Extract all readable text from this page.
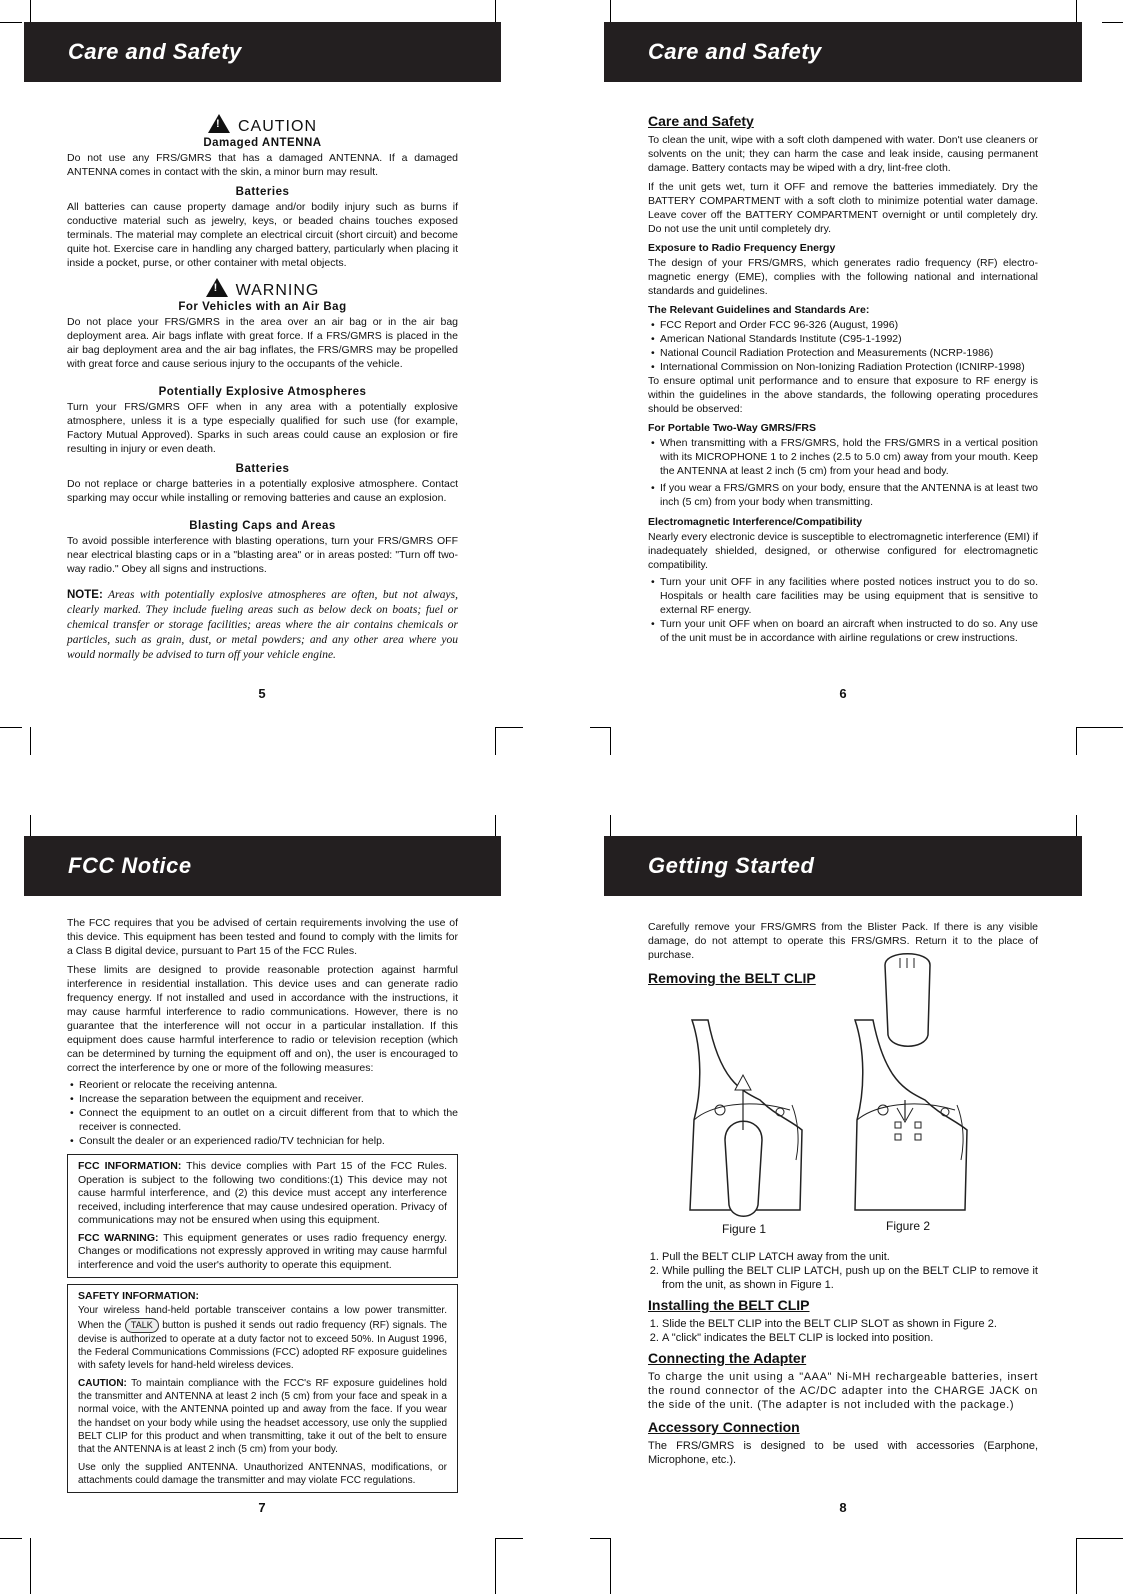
Care and Safety
! CAUTION
Damaged ANTENNA

Do not use any FRS/GMRS that has a damaged ANTENNA. If a damaged ANTENNA comes in contact with the skin, a minor burn may result.

Batteries

All batteries can cause property damage and/or bodily injury such as burns if conductive material such as jewelry, keys, or beaded chains touches exposed terminals. The material may complete an electrical circuit (short circuit) and become quite hot. Exercise care in handling any charged battery, particularly when placing it inside a pocket, purse, or other container with metal objects.

! WARNING
For Vehicles with an Air Bag

Do not place your FRS/GMRS in the area over an air bag or in the air bag deployment area. Air bags inflate with great force. If a FRS/GMRS is placed in the air bag deployment area and the air bag inflates, the FRS/GMRS may be propelled with great force and cause serious injury to the occupants of the vehicle.

Potentially Explosive Atmospheres

Turn your FRS/GMRS OFF when in any area with a potentially explosive atmosphere, unless it is a type especially qualified for such use (for example, Factory Mutual Approved). Sparks in such areas could cause an explosion or fire resulting in injury or even death.

Batteries

Do not replace or charge batteries in a potentially explosive atmosphere. Contact sparking may occur while installing or removing batteries and cause an explosion.

Blasting Caps and Areas

To avoid possible interference with blasting operations, turn your FRS/GMRS OFF near electrical blasting caps or in a "blasting area" or in areas posted: "Turn off two-way radio." Obey all signs and instructions.

NOTE: Areas with potentially explosive atmospheres are often, but not always, clearly marked. They include fueling areas such as below deck on boats; fuel or chemical transfer or storage facilities; areas where the air contains chemicals or particles, such as grain, dust, or metal powders; and any other area where you would normally be advised to turn off your vehicle engine.
5
Care and Safety
Care and Safety

To clean the unit, wipe with a soft cloth dampened with water. Don't use cleaners or solvents on the unit; they can harm the case and leak inside, causing permanent damage. Battery contacts may be wiped with a dry, lint-free cloth.

If the unit gets wet, turn it OFF and remove the batteries immediately. Dry the BATTERY COMPARTMENT with a soft cloth to minimize potential water damage. Leave cover off the BATTERY COMPARTMENT overnight or until completely dry. Do not use the unit until completely dry.

Exposure to Radio Frequency Energy

The design of your FRS/GMRS, which generates radio frequency (RF) electro-magnetic energy (EME), complies with the following national and international standards and guidelines.

The Relevant Guidelines and Standards Are:
• FCC Report and Order FCC 96-326 (August, 1996)
• American National Standards Institute (C95-1-1992)
• National Council Radiation Protection and Measurements (NCRP-1986)
• International Commission on Non-Ionizing Radiation Protection (ICNIRP-1998)

To ensure optimal unit performance and to ensure that exposure to RF energy is within the guidelines in the above standards, the following operating procedures should be observed:

For Portable Two-Way GMRS/FRS
• When transmitting with a FRS/GMRS, hold the FRS/GMRS in a vertical position with its MICROPHONE 1 to 2 inches (2.5 to 5.0 cm) away from your mouth. Keep the ANTENNA at least 2 inch (5 cm) from your head and body.
• If you wear a FRS/GMRS on your body, ensure that the ANTENNA is at least two inch (5 cm) from your body when transmitting.
Electromagnetic Interference/Compatibility

Nearly every electronic device is susceptible to electromagnetic interference (EMI) if inadequately shielded, designed, or otherwise configured for electromagnetic compatibility.

• Turn your unit OFF in any facilities where posted notices instruct you to do so. Hospitals or health care facilities may be using equipment that is sensitive to external RF energy.
• Turn your unit OFF when on board an aircraft when instructed to do so. Any use of the unit must be in accordance with airline regulations or crew instructions.
6
FCC Notice

The FCC requires that you be advised of certain requirements involving the use of this device. This equipment has been tested and found to comply with the limits for a Class B digital device, pursuant to Part 15 of the FCC Rules.

These limits are designed to provide reasonable protection against harmful interference in residential installation. This device uses and can generate radio frequency energy. If not installed and used in accordance with the instructions, it may cause harmful interference to radio communications. However, there is no guarantee that the interference will not occur in a particular installation. If this equipment does cause harmful interference to radio or television reception (which can be determined by turning the equipment off and on), the user is encouraged to correct the interference by one or more of the following measures:

• Reorient or relocate the receiving antenna.
• Increase the separation between the equipment and receiver.
• Connect the equipment to an outlet on a circuit different from that to which the receiver is connected.
• Consult the dealer or an experienced radio/TV technician for help.

FCC INFORMATION: This device complies with Part 15 of the FCC Rules. Operation is subject to the following two conditions:(1) This device may not cause harmful interference, and (2) this device must accept any interference received, including interference that may cause undesired operation. Privacy of communications may not be ensured when using this equipment.

FCC WARNING: This equipment generates or uses radio frequency energy. Changes or modifications not expressly approved in writing may cause harmful interference and void the user's authority to operate this equipment.

SAFETY INFORMATION:

Your wireless hand-held portable transceiver contains a low power transmitter. When the TALK button is pushed it sends out radio frequency (RF) signals. The devise is authorized to operate at a duty factor not to exceed 50%. In August 1996, the Federal Communications Commissions (FCC) adopted RF exposure guidelines with safety levels for hand-held wireless devices.

CAUTION: To maintain compliance with the FCC's RF exposure guidelines hold the transmitter and ANTENNA at least 2 inch (5 cm) from your face and speak in a normal voice, with the ANTENNA pointed up and away from the face. If you wear the handset on your body while using the headset accessory, use only the supplied BELT CLIP for this product and when transmitting, take it out of the belt to ensure that the ANTENNA is at least 2 inch (5 cm) from your body.

Use only the supplied ANTENNA. Unauthorized ANTENNAS, modifications, or attachments could damage the transmitter and may violate FCC regulations.

7
Getting Started

Carefully remove your FRS/GMRS from the Blister Pack. If there is any visible damage, do not attempt to operate this FRS/GMRS. Return it to the place of purchase.

Removing the BELT CLIP
Figure 1	Figure 2
1. Pull the BELT CLIP LATCH away from the unit.
2. While pulling the BELT CLIP LATCH, push up on the BELT CLIP to remove it from the unit, as shown in Figure 1.
Installing the BELT CLIP
1. Slide the BELT CLIP into the BELT CLIP SLOT as shown in Figure 2.
2. A "click" indicates the BELT CLIP is locked into position.
Connecting the Adapter

To charge the unit using a "AAA" Ni-MH rechargeable batteries, insert the round connector of the AC/DC adapter into the CHARGE JACK on the side of the unit. (The adapter is not included with the package.)

Accessory Connection

The FRS/GMRS is designed to be used with accessories (Earphone, Microphone, etc.).

8
